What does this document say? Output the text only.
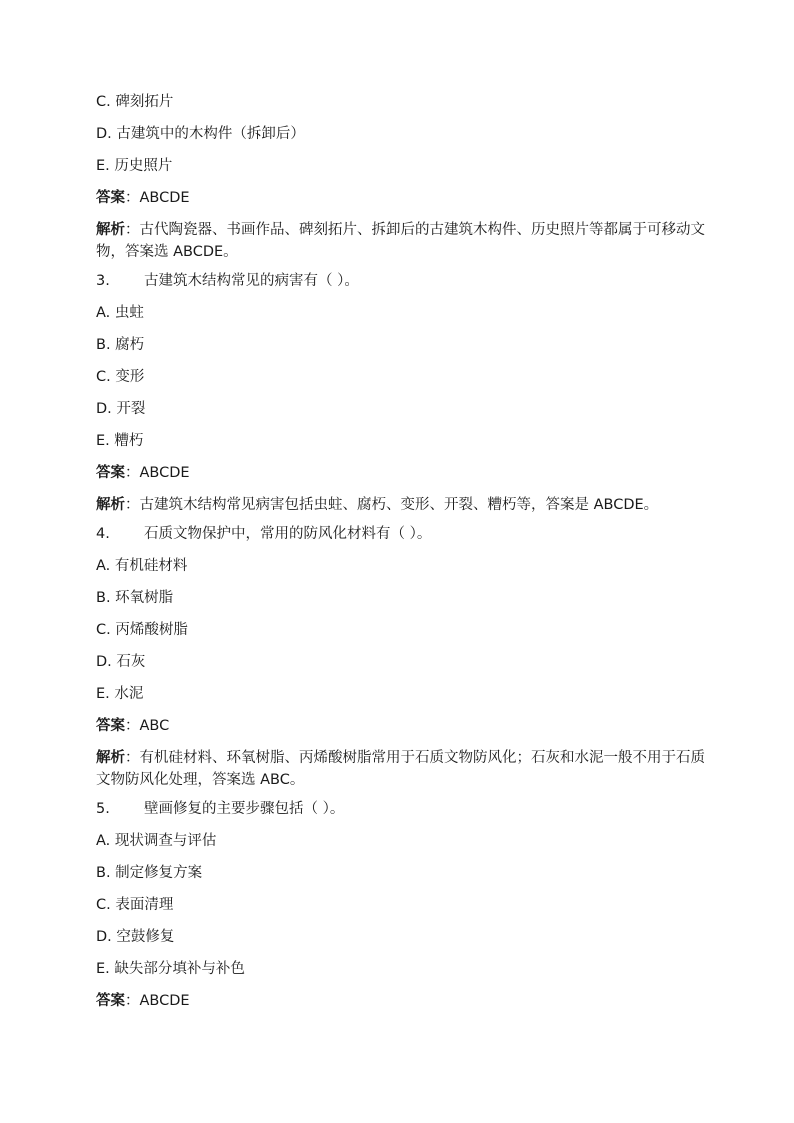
C. 碑刻拓片
D. 古建筑中的木构件（拆卸后）
E. 历史照片
答案：ABCDE
解析：古代陶瓷器、书画作品、碑刻拓片、拆卸后的古建筑木构件、历史照片等都属于可移动文物，答案选 ABCDE。
3. 古建筑木结构常见的病害有（ ）。
A. 虫蛀
B. 腐朽
C. 变形
D. 开裂
E. 糟朽
答案：ABCDE
解析：古建筑木结构常见病害包括虫蛀、腐朽、变形、开裂、糟朽等，答案是 ABCDE。
4. 石质文物保护中，常用的防风化材料有（ ）。
A. 有机硅材料
B. 环氧树脂
C. 丙烯酸树脂
D. 石灰
E. 水泥
答案：ABC
解析：有机硅材料、环氧树脂、丙烯酸树脂常用于石质文物防风化；石灰和水泥一般不用于石质文物防风化处理，答案选 ABC。
5. 壁画修复的主要步骤包括（ ）。
A. 现状调查与评估
B. 制定修复方案
C. 表面清理
D. 空鼓修复
E. 缺失部分填补与补色
答案：ABCDE
